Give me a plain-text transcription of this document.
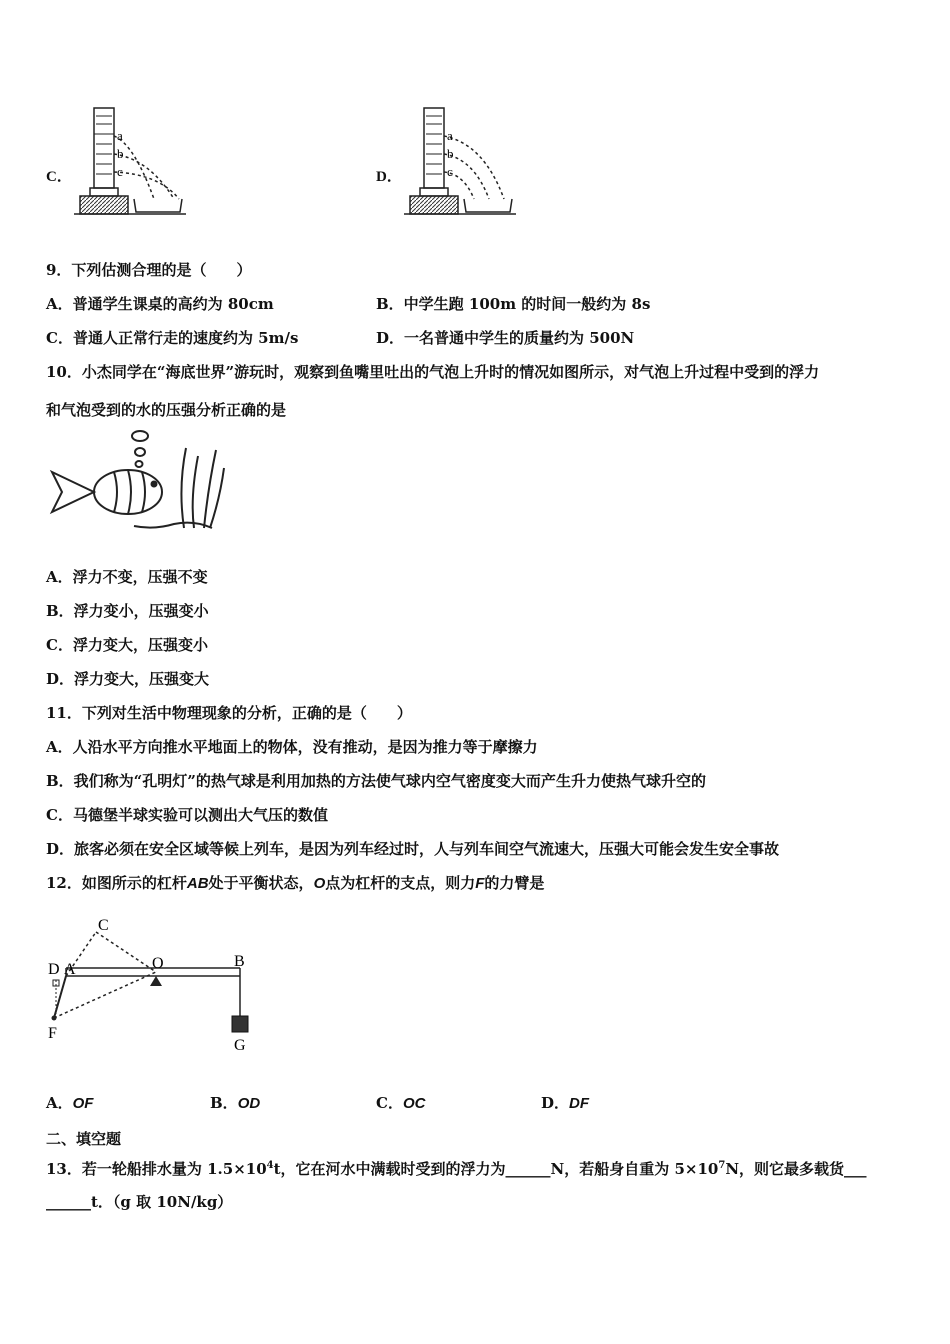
C．
a
b
c	D．
a
b
c
9．下列估测合理的是（　　）
A．普通学生课桌的高约为 80cm	B．中学生跑 100m 的时间一般约为 8s
C．普通人正常行走的速度约为 5m/s	D．一名普通中学生的质量约为 500N
10．小杰同学在“海底世界”游玩时，观察到鱼嘴里吐出的气泡上升时的情况如图所示，对气泡上升过程中受到的浮力
和气泡受到的水的压强分析正确的是
A．浮力不变，压强不变
B．浮力变小，压强变小
C．浮力变大，压强变小
D．浮力变大，压强变大
11．下列对生活中物理现象的分析，正确的是（　　）
A．人沿水平方向推水平地面上的物体，没有推动，是因为推力等于摩擦力
B．我们称为“孔明灯”的热气球是利用加热的方法使气球内空气密度变大而产生升力使热气球升空的
C．马德堡半球实验可以测出大气压的数值
D．旅客必须在安全区域等候上列车，是因为列车经过时，人与列车间空气流速大，压强大可能会发生安全事故
12．如图所示的杠杆AB处于平衡状态，O点为杠杆的支点，则力F的力臂是
C
D A	O	B
F
G
A．OF	B．OD	C．OC	D．DF
二、填空题
13．若一轮船排水量为 $1.5\times 10^4t$，它在河水中满载时受到的浮力为______N，若船身自重为 $5\times 10^7N$，则它最多载货___
______t．（g 取 10N/kg）
